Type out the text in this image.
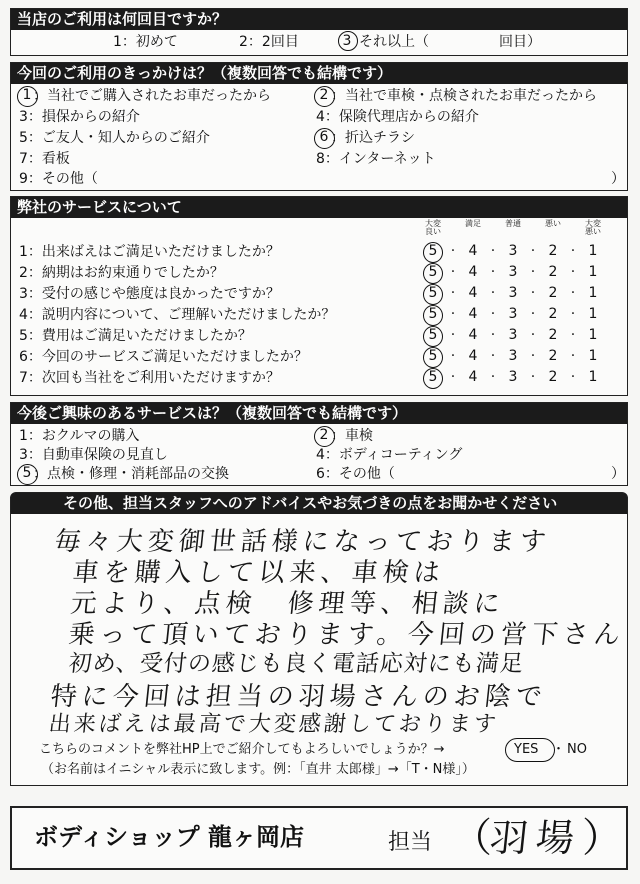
当店のご利用は何回目ですか？
1：初めて	2：2回目	3 それ以上（	回目）
今回のご利用のきっかけは？（複数回答でも結構です）
1 ：当社でご購入されたお車だったから	2 ：当社で車検・点検されたお車だったから
3：損保からの紹介	4：保険代理店からの紹介
5：ご友人・知人からのご紹介	6 ：折込チラシ
7：看板	8：インターネット
9：その他（	）
弊社のサービスについて
大変
良い
満足	普通	悪い	大変
悪い
1：出来ばえはご満足いただけましたか？	5 · 4 · 3 · 2 · 1
2：納期はお約束通りでしたか？	5 · 4 · 3 · 2 · 1
3：受付の感じや態度は良かったですか？	5 · 4 · 3 · 2 · 1
4：説明内容について、ご理解いただけましたか？	5 · 4 · 3 · 2 · 1
5：費用はご満足いただけましたか？	5 · 4 · 3 · 2 · 1
6：今回のサービスご満足いただけましたか？	5 · 4 · 3 · 2 · 1
7：次回も当社をご利用いただけますか？	5 · 4 · 3 · 2 · 1
今後ご興味のあるサービスは？（複数回答でも結構です）
1：おクルマの購入	2 ：車検
3：自動車保険の見直し	4：ボディコーティング
5 ：点検・修理・消耗部品の交換	6：その他（	）
その他、担当スタッフへのアドバイスやお気づきの点をお聞かせください
毎々大変御世話様になっております
車を購入して以来、車検は
元より、点検　修理等、相談に
乗って頂いております。今回の営下さん
初め、受付の感じも良く電話応対にも満足
特に今回は担当の羽場さんのお陰で
出来ばえは最高で大変感謝しております
こちらのコメントを弊社HP上でご紹介してもよろしいでしょうか？→	YES ・ NO
（お名前はイニシャル表示に致します。例：「直井 太郎様」→「T・N様」）
ボディショップ 龍ヶ岡店	担当 （
羽場
）
